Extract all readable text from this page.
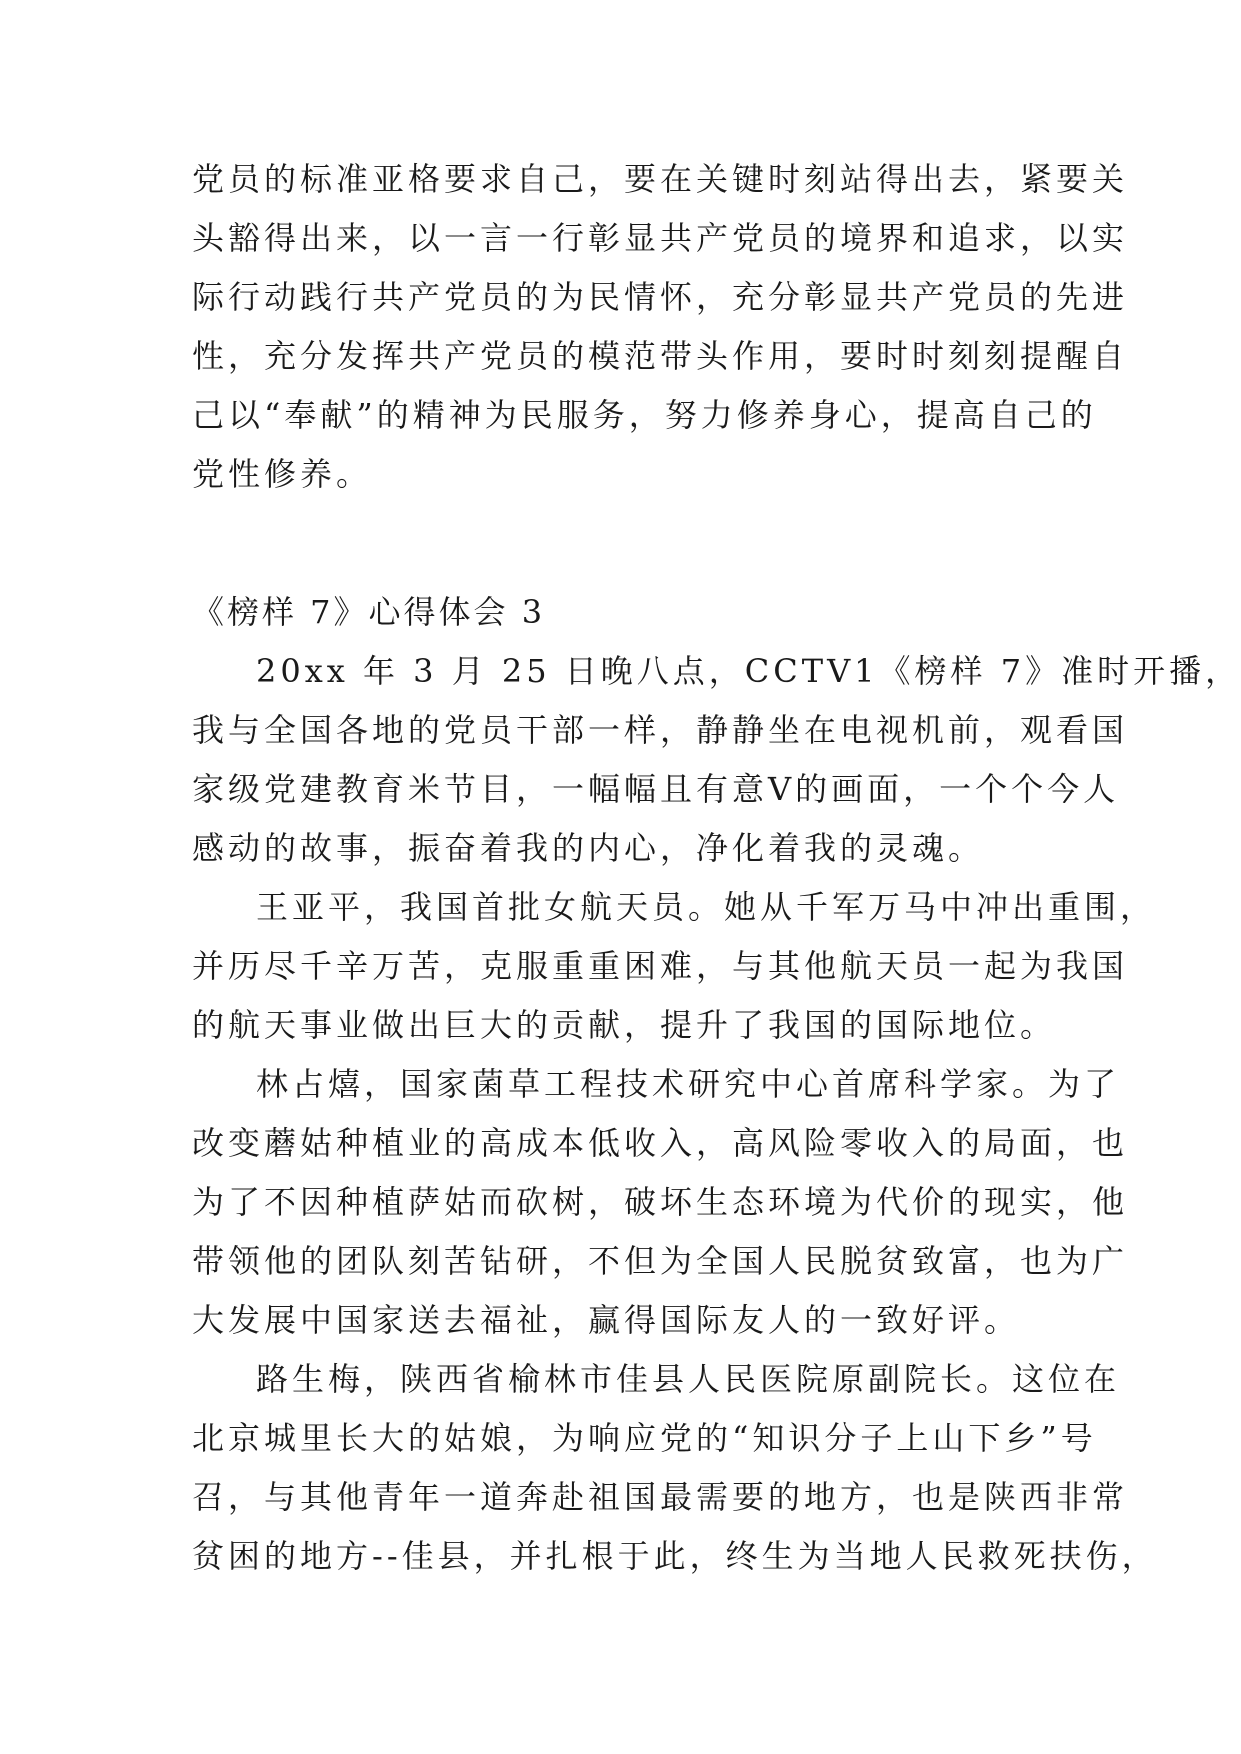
党员的标准亚格要求自己，要在关键时刻站得出去，紧要关
头豁得出来，以一言一行彰显共产党员的境界和追求，以实
际行动践行共产党员的为民情怀，充分彰显共产党员的先进
性，充分发挥共产党员的模范带头作用，要时时刻刻提醒自
己以“奉献”的精神为民服务，努力修养身心，提高自己的
党性修养。
《榜样 7》心得体会 3
20xx 年 3 月 25 日晚八点，CCTV1《榜样 7》准时开播，
我与全国各地的党员干部一样，静静坐在电视机前，观看国
家级党建教育米节目，一幅幅且有意Ⅴ的画面，一个个今人
感动的故事，振奋着我的内心，净化着我的灵魂。
王亚平，我国首批女航天员。她从千军万马中冲出重围，
并历尽千辛万苦，克服重重困难，与其他航天员一起为我国
的航天事业做出巨大的贡献，提升了我国的国际地位。
林占熺，国家菌草工程技术研究中心首席科学家。为了
改变蘑姑种植业的高成本低收入，高风险零收入的局面，也
为了不因种植萨姑而砍树，破坏生态环境为代价的现实，他
带领他的团队刻苦钻研，不但为全国人民脱贫致富，也为广
大发展中国家送去福祉，赢得国际友人的一致好评。
路生梅，陕西省榆林市佳县人民医院原副院长。这位在
北京城里长大的姑娘，为响应党的“知识分子上山下乡”号
召，与其他青年一道奔赴祖国最需要的地方，也是陕西非常
贫困的地方--佳县，并扎根于此，终生为当地人民救死扶伤，
